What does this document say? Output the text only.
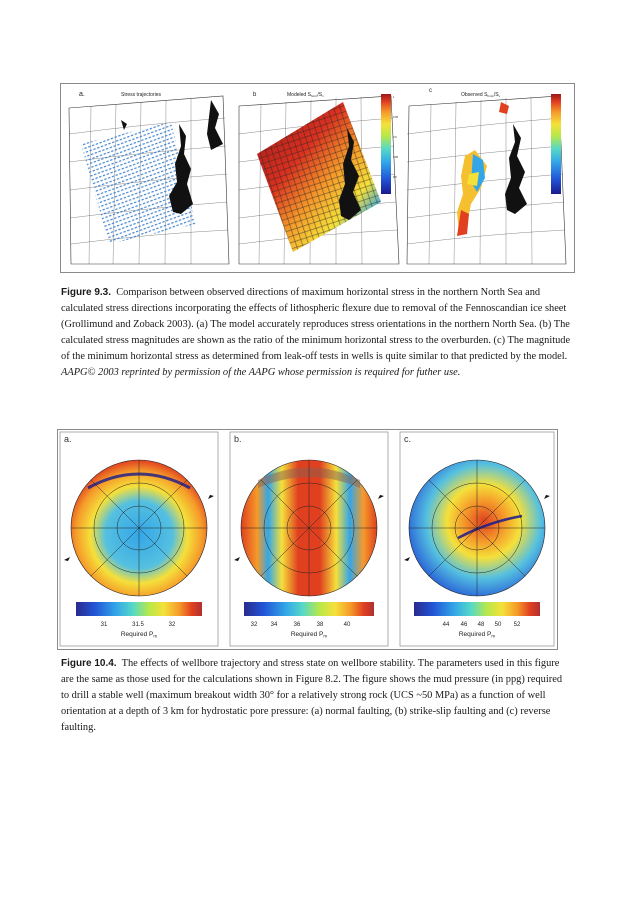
a.	Stress trajectories	1
0.95
0.9
0.85
0.8
b	Modeled $S_{hmin}/S_v$
c
Observed $S_{hmin}/S_v$
Figure 9.3. Comparison between observed directions of maximum horizontal stress in the northern North Sea and calculated stress directions incorporating the effects of lithospheric flexure due to removal of the Fennoscandian ice sheet (Grollimund and Zoback 2003). (a) The model accurately reproduces stress orientations in the northern North Sea. (b) The calculated stress magnitudes are shown as the ratio of the minimum horizontal stress to the overburden. (c) The magnitude of the minimum horizontal stress as determined from leak-off tests in wells is quite similar to that predicted by the model. AAPG© 2003 reprinted by permission of the AAPG whose permission is required for futher use.
a.
31	31.5	32
Required $P_m$
b.
32 34	36	38	40
Required $P_m$
c.
44 46 48 50 52
Required $P_m$
Figure 10.4. The effects of wellbore trajectory and stress state on wellbore stability. The parameters used in this figure are the same as those used for the calculations shown in Figure 8.2. The figure shows the mud pressure (in ppg) required to drill a stable well (maximum breakout width 30° for a relatively strong rock (UCS ~50 MPa) as a function of well orientation at a depth of 3 km for hydrostatic pore pressure: (a) normal faulting, (b) strike-slip faulting and (c) reverse faulting.
